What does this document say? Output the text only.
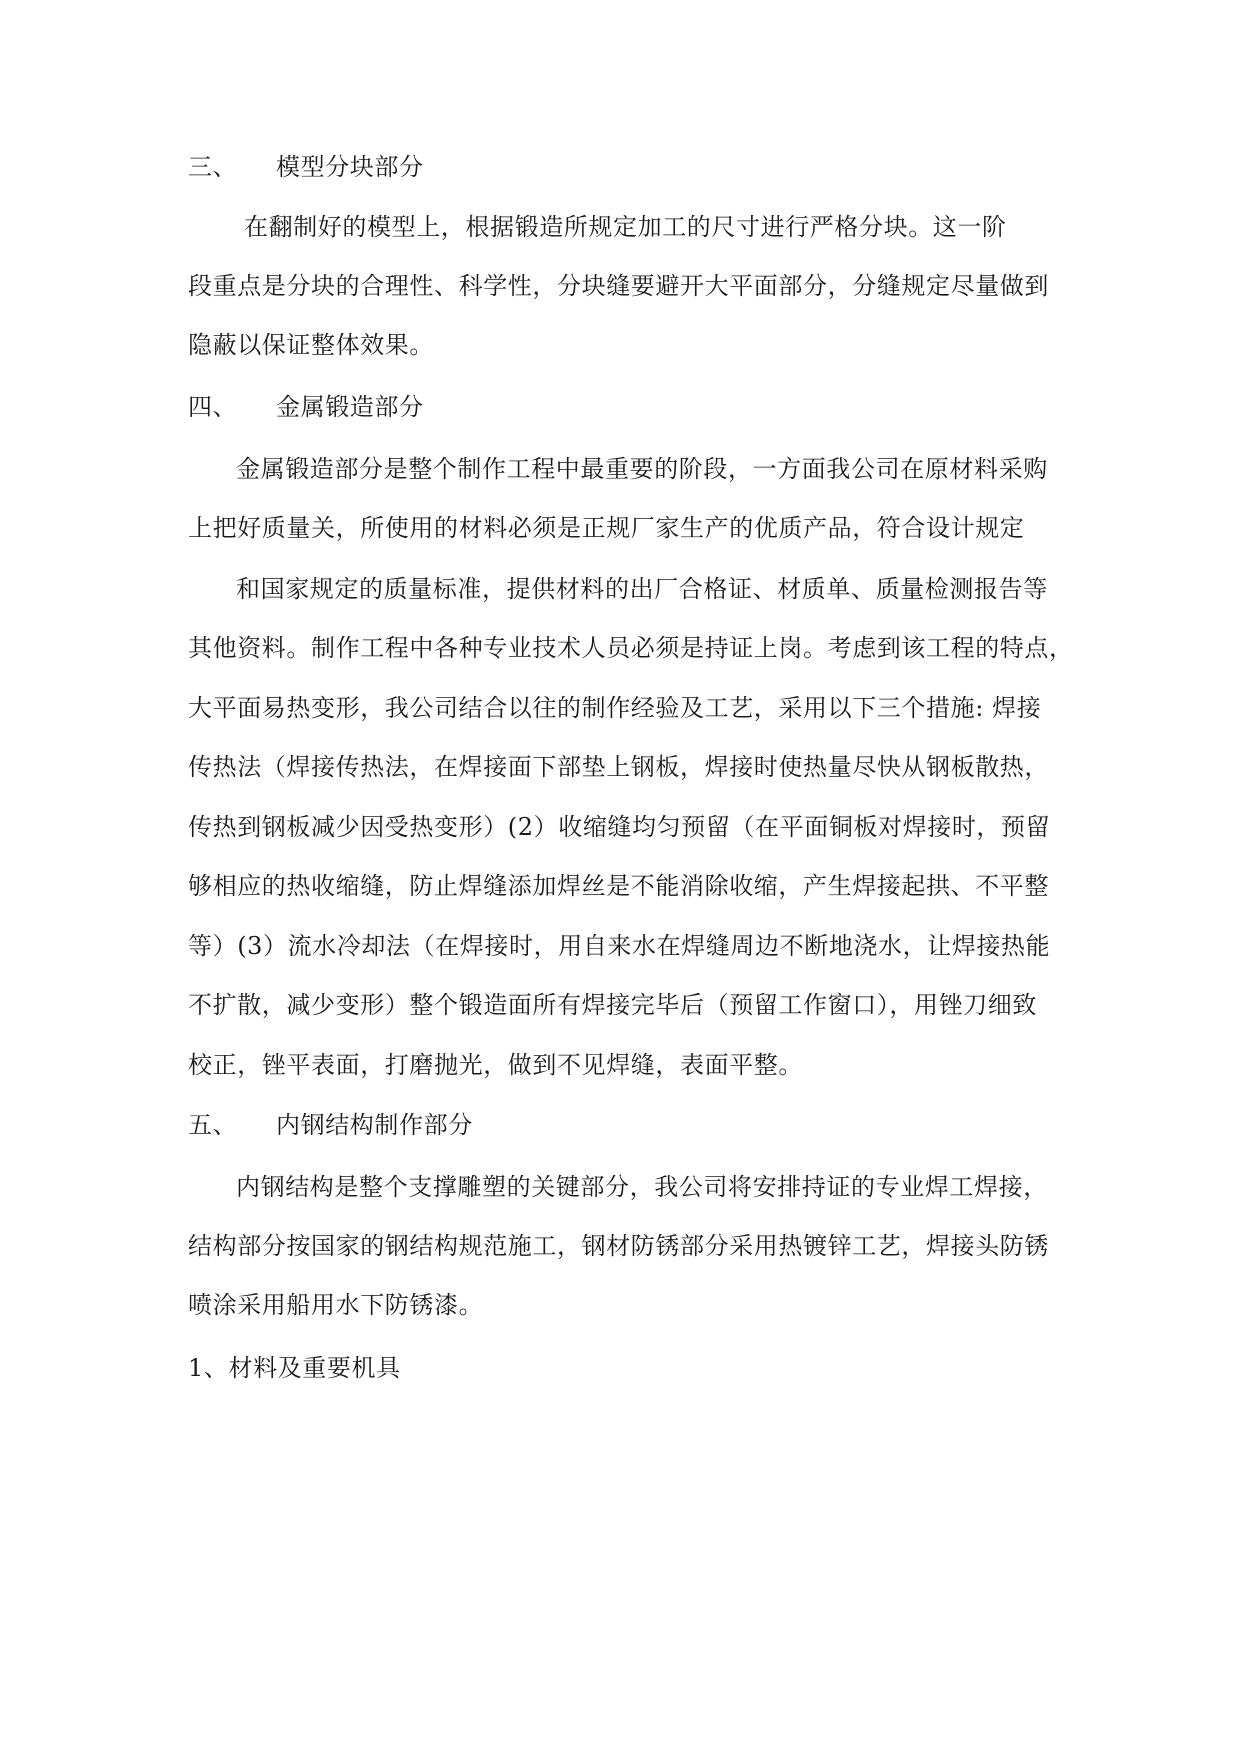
三、 模型分块部分
在翻制好的模型上，根据锻造所规定加工的尺寸进行严格分块。这一阶
段重点是分块的合理性、科学性，分块缝要避开大平面部分，分缝规定尽量做到
隐蔽以保证整体效果。
四、 金属锻造部分
金属锻造部分是整个制作工程中最重要的阶段，一方面我公司在原材料采购
上把好质量关，所使用的材料必须是正规厂家生产的优质产品，符合设计规定
和国家规定的质量标准，提供材料的出厂合格证、材质单、质量检测报告等
其他资料。制作工程中各种专业技术人员必须是持证上岗。考虑到该工程的特点，
大平面易热变形，我公司结合以往的制作经验及工艺，采用以下三个措施: 焊接
传热法（焊接传热法，在焊接面下部垫上钢板，焊接时使热量尽快从钢板散热，
传热到钢板减少因受热变形）(2）收缩缝均匀预留（在平面铜板对焊接时，预留
够相应的热收缩缝，防止焊缝添加焊丝是不能消除收缩，产生焊接起拱、不平整
等）(3）流水冷却法（在焊接时，用自来水在焊缝周边不断地浇水，让焊接热能
不扩散，减少变形）整个锻造面所有焊接完毕后（预留工作窗口），用锉刀细致
校正，锉平表面，打磨抛光，做到不见焊缝，表面平整。
五、 内钢结构制作部分
内钢结构是整个支撑雕塑的关键部分，我公司将安排持证的专业焊工焊接，
结构部分按国家的钢结构规范施工，钢材防锈部分采用热镀锌工艺，焊接头防锈
喷涂采用船用水下防锈漆。
1、材料及重要机具
